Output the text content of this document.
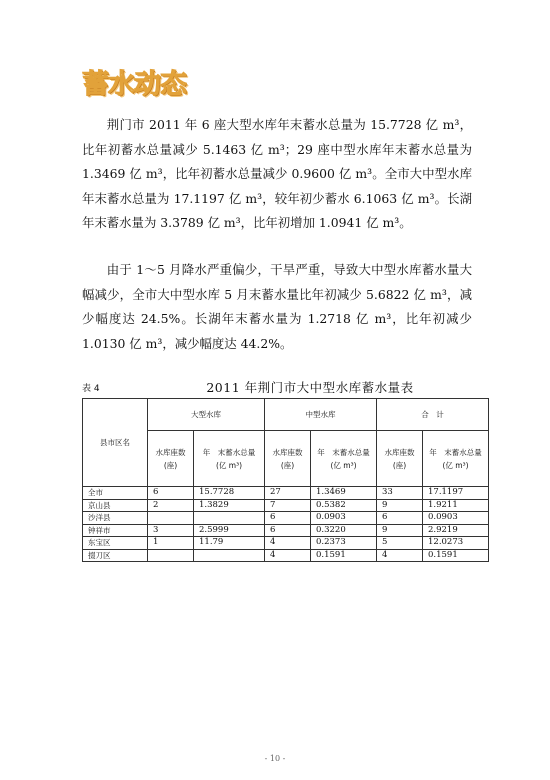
蓄水动态

荆门市 2011 年 6 座大型水库年末蓄水总量为 15.7728 亿 m³，比年初蓄水总量减少 5.1463 亿 m³；29 座中型水库年末蓄水总量为 1.3469 亿 m³，比年初蓄水总量减少 0.9600 亿 m³。全市大中型水库年末蓄水总量为 17.1197 亿 m³，较年初少蓄水 6.1063 亿 m³。长湖年末蓄水量为 3.3789 亿 m³，比年初增加 1.0941 亿 m³。

由于 1～5 月降水严重偏少，干旱严重，导致大中型水库蓄水量大幅减少，全市大中型水库 5 月末蓄水量比年初减少 5.6822 亿 m³，减少幅度达 24.5%。长湖年末蓄水量为 1.2718 亿 m³，比年初减少 1.0130 亿 m³，减少幅度达 44.2%。

表 4	2011 年荆门市大中型水库蓄水量表
县市区名	大型水库		中型水库		合　计	
	水库座数(座)	年　末蓄水总量(亿 m³)	水库座数(座)	年　末蓄水总量(亿 m³)	水库座数(座)	年　末蓄水总量(亿 m³)
全市	6	15.7728	27	1.3469	33	17.1197
京山县	2	1.3829	7	0.5382	9	1.9211
沙洋县			6	0.0903	6	0.0903
钟祥市	3	2.5999	6	0.3220	9	2.9219
东宝区	1	11.79	4	0.2373	5	12.0273
掇刀区			4	0.1591	4	0.1591
- 10 -
